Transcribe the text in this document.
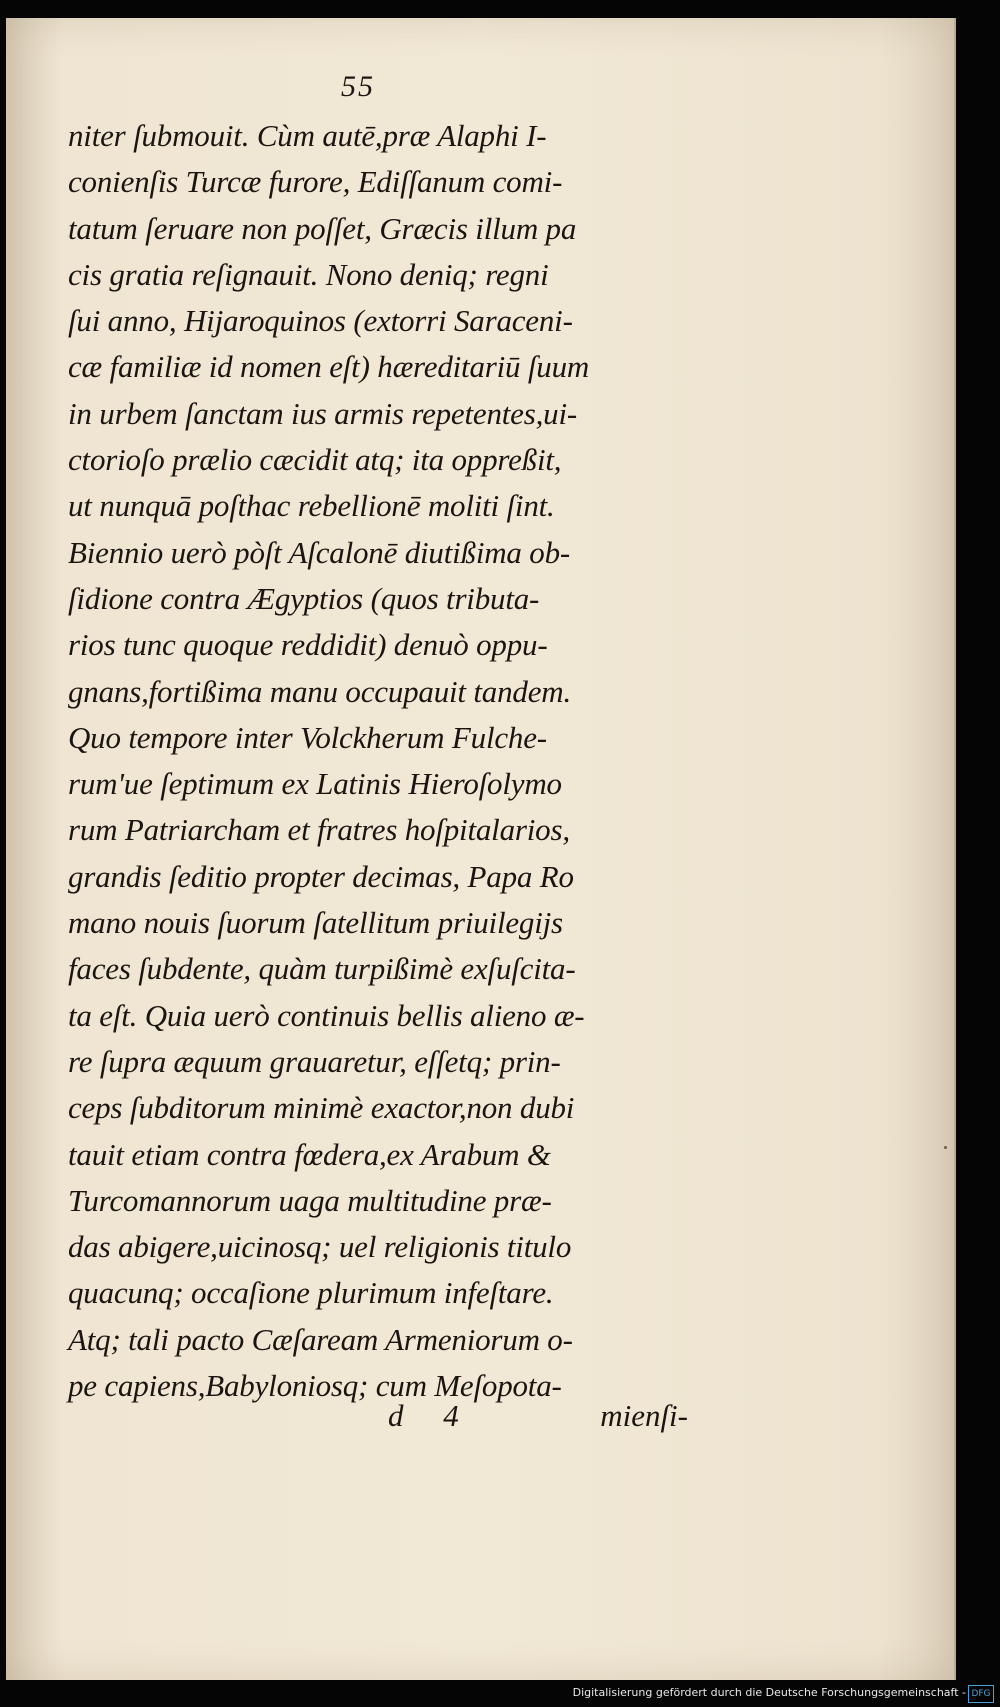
55
niter ſubmouit. Cùm autē,præ Alaphi I-
conienſis Turcæ furore, Ediſſanum comi-
tatum ſeruare non poſſet, Græcis illum pa
cis gratia reſignauit. Nono deniq; regni
ſui anno, Hijaroquinos (extorri Saraceni-
cæ familiæ id nomen eſt) hæreditariū ſuum
in urbem ſanctam ius armis repetentes,ui-
ctorioſo prælio cæcidit atq; ita oppreßit,
ut nunquā poſthac rebellionē moliti ſint.
Biennio uerò pòſt Aſcalonē diutißima ob-
ſidione contra Ægyptios (quos tributa-
rios tunc quoque reddidit) denuò oppu-
gnans,fortißima manu occupauit tandem.
Quo tempore inter Volckherum Fulche-
rum'ue ſeptimum ex Latinis Hieroſolymo
rum Patriarcham et fratres hoſpitalarios,
grandis ſeditio propter decimas, Papa Ro
mano nouis ſuorum ſatellitum priuilegijs
faces ſubdente, quàm turpißimè exſuſcita-
ta eſt. Quia uerò continuis bellis alieno æ-
re ſupra æquum grauaretur, eſſetq; prin-
ceps ſubditorum minimè exactor,non dubi
tauit etiam contra fœdera,ex Arabum &
Turcomannorum uaga multitudine præ-
das abigere,uicinosq; uel religionis titulo
quacunq; occaſione plurimum infeſtare.
Atq; tali pacto Cæſaream Armeniorum o-
pe capiens,Babyloniosq; cum Meſopota-
d 4	mienſi-
Digitalisierung gefördert durch die Deutsche Forschungsgemeinschaft - DFG
